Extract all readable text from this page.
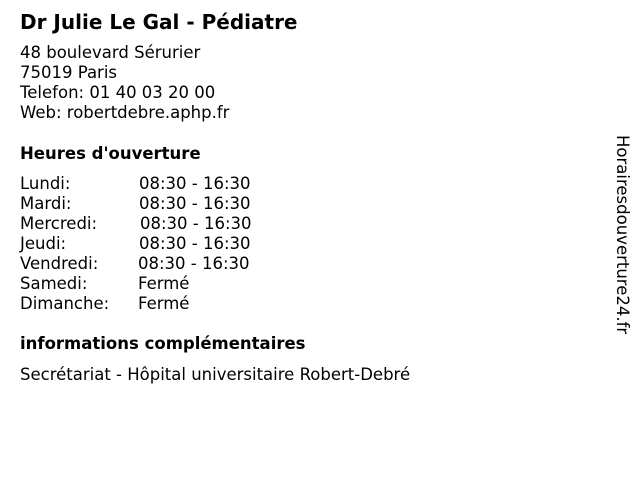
Dr Julie Le Gal - Pédiatre
48 boulevard Sérurier
75019 Paris
Telefon: 01 40 03 20 00
Web: robertdebre.aphp.fr
Heures d'ouverture
Lundi:	08:30 - 16:30
Mardi:	08:30 - 16:30
Mercredi:	08:30 - 16:30
Jeudi:	08:30 - 16:30
Vendredi: 08:30 - 16:30
Samedi:	Fermé
Dimanche: Fermé
informations complémentaires
Secrétariat - Hôpital universitaire Robert-Debré
Horairesdouverture24.fr
